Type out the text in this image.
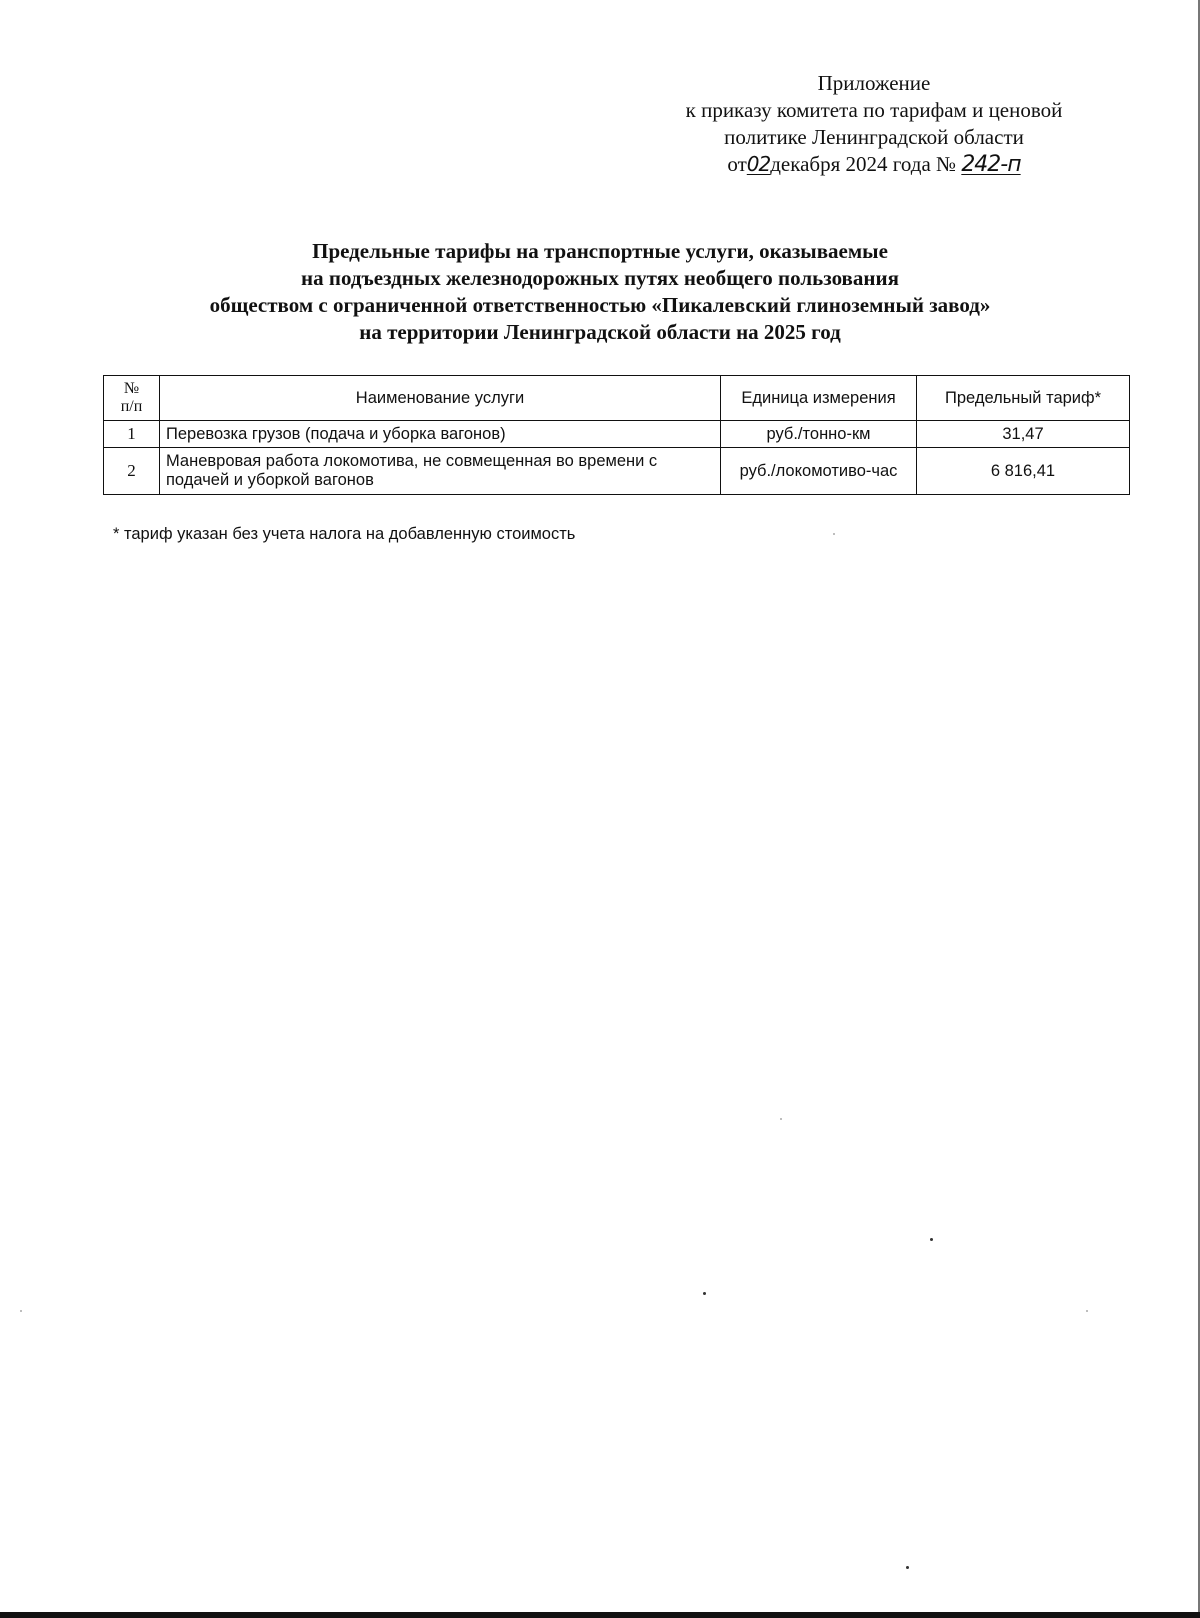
Приложение
к приказу комитета по тарифам и ценовой
политике Ленинградской области
от02декабря 2024 года № 242-п
Предельные тарифы на транспортные услуги, оказываемые
на подъездных железнодорожных путях необщего пользования
обществом с ограниченной ответственностью «Пикалевский глиноземный завод»
на территории Ленинградской области на 2025 год
№
п/п	Наименование услуги	Единица измерения	Предельный тариф*
1	Перевозка грузов (подача и уборка вагонов)	руб./тонно-км	31,47
2	Маневровая работа локомотива, не совмещенная во времени с подачей и уборкой вагонов	руб./локомотиво-час	6 816,41
* тариф указан без учета налога на добавленную стоимость
